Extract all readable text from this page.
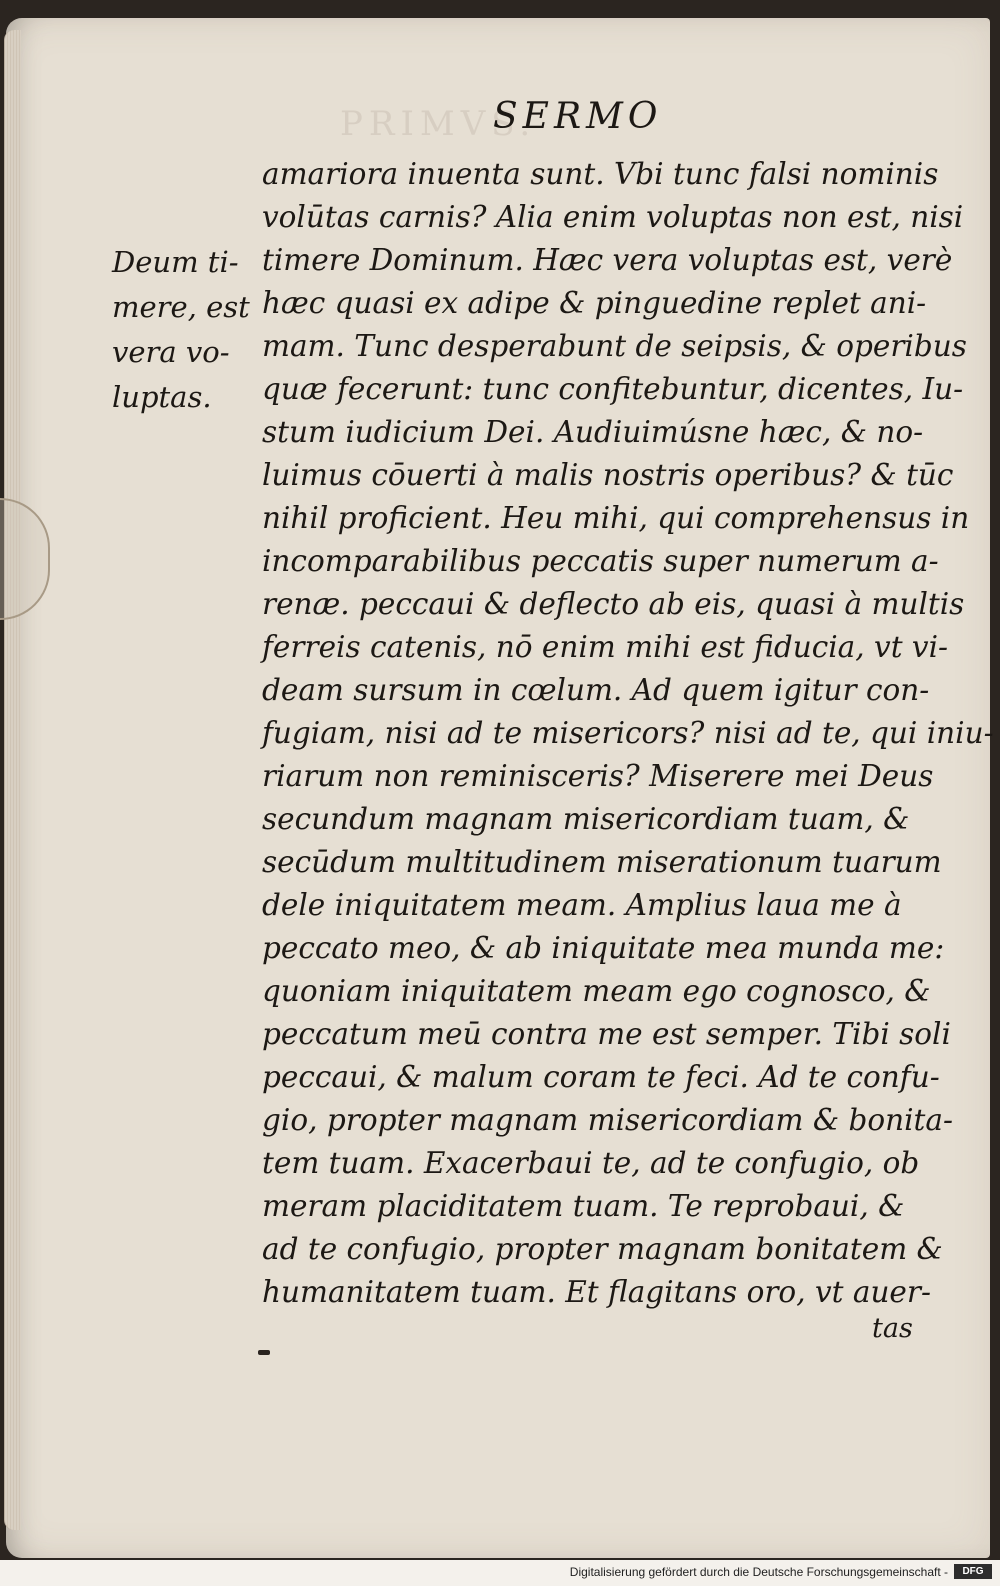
PRIMVS.
SERMO
Deum ti-
mere, est
vera vo-
luptas.
amariora inuenta sunt. Vbi tunc falsi nominis
volūtas carnis? Alia enim voluptas non est, nisi
timere Dominum. Hæc vera voluptas est, verè
hæc quasi ex adipe & pinguedine replet ani-
mam. Tunc desperabunt de seipsis, & operibus
quæ fecerunt: tunc confitebuntur, dicentes, Iu-
stum iudicium Dei. Audiuimúsne hæc, & no-
luimus cōuerti à malis nostris operibus? & tūc
nihil proficient. Heu mihi, qui comprehensus in
incomparabilibus peccatis super numerum a-
renæ. peccaui & deflecto ab eis, quasi à multis
ferreis catenis, nō enim mihi est fiducia, vt vi-
deam sursum in cœlum. Ad quem igitur con-
fugiam, nisi ad te misericors? nisi ad te, qui iniu-
riarum non reminisceris? Miserere mei Deus
secundum magnam misericordiam tuam, &
secūdum multitudinem miserationum tuarum
dele iniquitatem meam. Amplius laua me à
peccato meo, & ab iniquitate mea munda me:
quoniam iniquitatem meam ego cognosco, &
peccatum meū contra me est semper. Tibi soli
peccaui, & malum coram te feci. Ad te confu-
gio, propter magnam misericordiam & bonita-
tem tuam. Exacerbaui te, ad te confugio, ob
meram placiditatem tuam. Te reprobaui, &
ad te confugio, propter magnam bonitatem &
humanitatem tuam. Et flagitans oro, vt auer-
tas
Digitalisierung gefördert durch die Deutsche Forschungsgemeinschaft -	DFG
